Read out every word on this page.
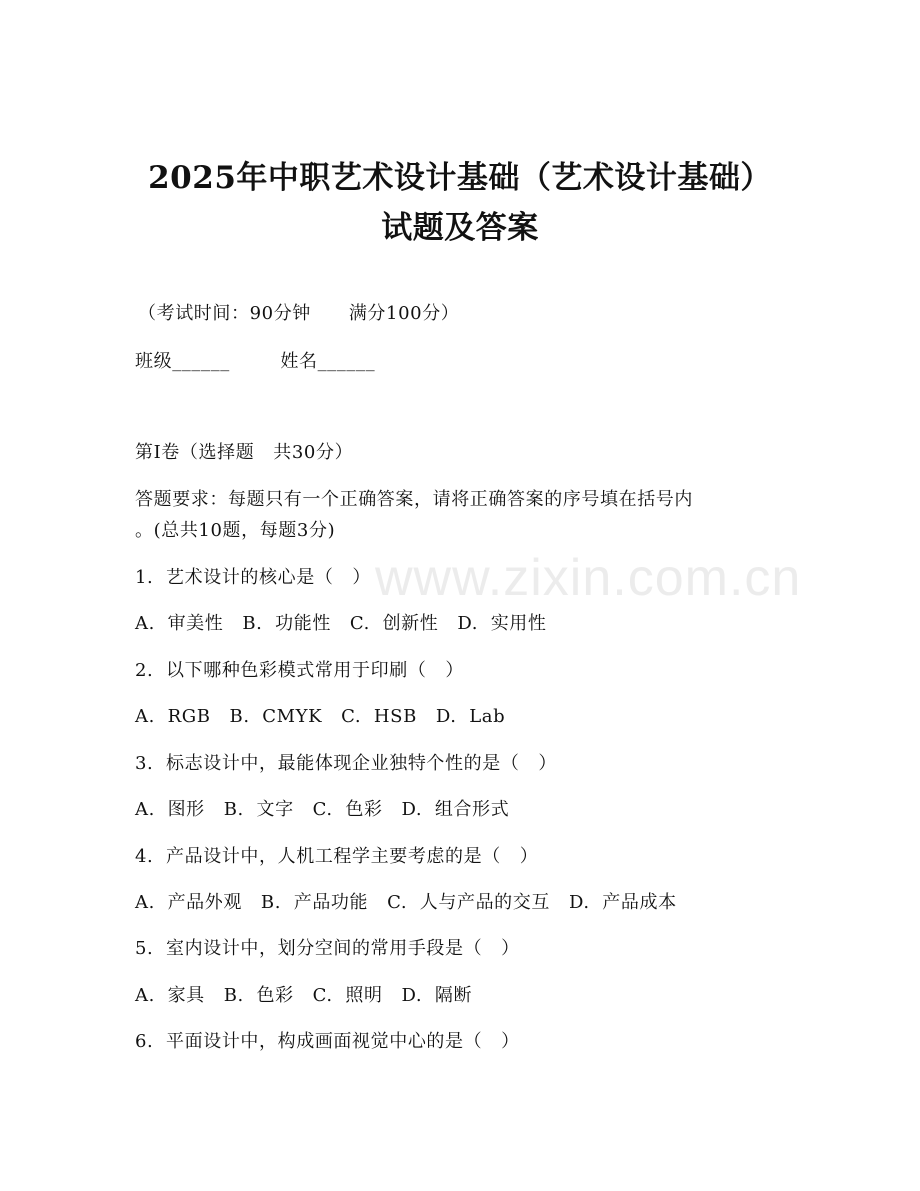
www.zixin.com.cn
2025年中职艺术设计基础（艺术设计基础）
试题及答案
（考试时间：90分钟      满分100分）
班级______        姓名______
第I卷（选择题   共30分）
答题要求：每题只有一个正确答案，请将正确答案的序号填在括号内
。(总共10题，每题3分)
1.  艺术设计的核心是（   ）
A.  审美性   B.  功能性   C.  创新性   D.  实用性
2.  以下哪种色彩模式常用于印刷（   ）
A.  RGB   B.  CMYK   C.  HSB   D.  Lab
3.  标志设计中，最能体现企业独特个性的是（   ）
A.  图形   B.  文字   C.  色彩   D.  组合形式
4.  产品设计中，人机工程学主要考虑的是（   ）
A.  产品外观   B.  产品功能   C.  人与产品的交互   D.  产品成本
5.  室内设计中，划分空间的常用手段是（   ）
A.  家具   B.  色彩   C.  照明   D.  隔断
6.  平面设计中，构成画面视觉中心的是（   ）
